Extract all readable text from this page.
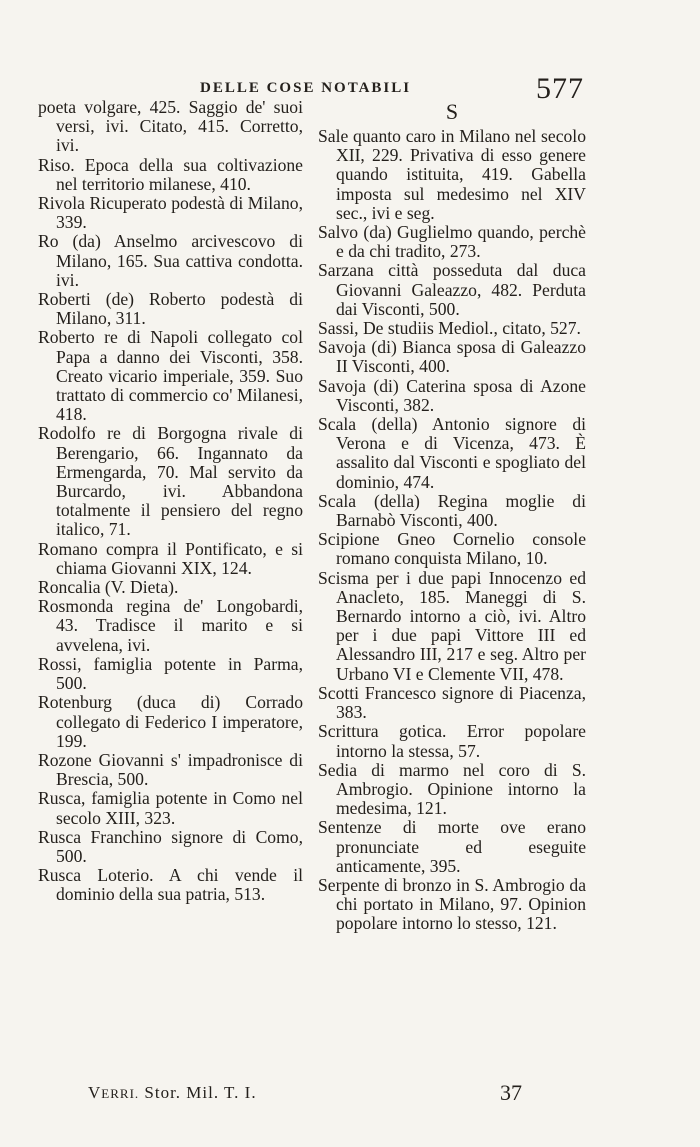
DELLE COSE NOTABILI	577

poeta volgare, 425. Saggio de' suoi versi, ivi. Citato, 415. Corretto, ivi.

Riso. Epoca della sua coltivazione nel territorio milanese, 410.

Rivola Ricuperato podestà di Milano, 339.

Ro (da) Anselmo arcivescovo di Milano, 165. Sua cattiva condotta. ivi.

Roberti (de) Roberto podestà di Milano, 311.

Roberto re di Napoli collegato col Papa a danno dei Visconti, 358. Creato vicario imperiale, 359. Suo trattato di commercio co' Milanesi, 418.

Rodolfo re di Borgogna rivale di Berengario, 66. Ingannato da Ermengarda, 70. Mal servito da Burcardo, ivi. Abbandona totalmente il pensiero del regno italico, 71.

Romano compra il Pontificato, e si chiama Giovanni XIX, 124.

Roncalia (V. Dieta).

Rosmonda regina de' Longobardi, 43. Tradisce il marito e si avvelena, ivi.

Rossi, famiglia potente in Parma, 500.

Rotenburg (duca di) Corrado collegato di Federico I imperatore, 199.

Rozone Giovanni s' impadronisce di Brescia, 500.

Rusca, famiglia potente in Como nel secolo XIII, 323.

Rusca Franchino signore di Como, 500.

Rusca Loterio. A chi vende il dominio della sua patria, 513.

S

Sale quanto caro in Milano nel secolo XII, 229. Privativa di esso genere quando istituita, 419. Gabella imposta sul medesimo nel XIV sec., ivi e seg.

Salvo (da) Guglielmo quando, perchè e da chi tradito, 273.

Sarzana città posseduta dal duca Giovanni Galeazzo, 482. Perduta dai Visconti, 500.

Sassi, De studiis Mediol., citato, 527.

Savoja (di) Bianca sposa di Galeazzo II Visconti, 400.

Savoja (di) Caterina sposa di Azone Visconti, 382.

Scala (della) Antonio signore di Verona e di Vicenza, 473. È assalito dal Visconti e spogliato del dominio, 474.

Scala (della) Regina moglie di Barnabò Visconti, 400.

Scipione Gneo Cornelio console romano conquista Milano, 10.

Scisma per i due papi Innocenzo ed Anacleto, 185. Maneggi di S. Bernardo intorno a ciò, ivi. Altro per i due papi Vittore III ed Alessandro III, 217 e seg. Altro per Urbano VI e Clemente VII, 478.

Scotti Francesco signore di Piacenza, 383.

Scrittura gotica. Error popolare intorno la stessa, 57.

Sedia di marmo nel coro di S. Ambrogio. Opinione intorno la medesima, 121.

Sentenze di morte ove erano pronunciate ed eseguite anticamente, 395.

Serpente di bronzo in S. Ambrogio da chi portato in Milano, 97. Opinion popolare intorno lo stesso, 121.

VERRI. Stor. Mil. T. I.	37
